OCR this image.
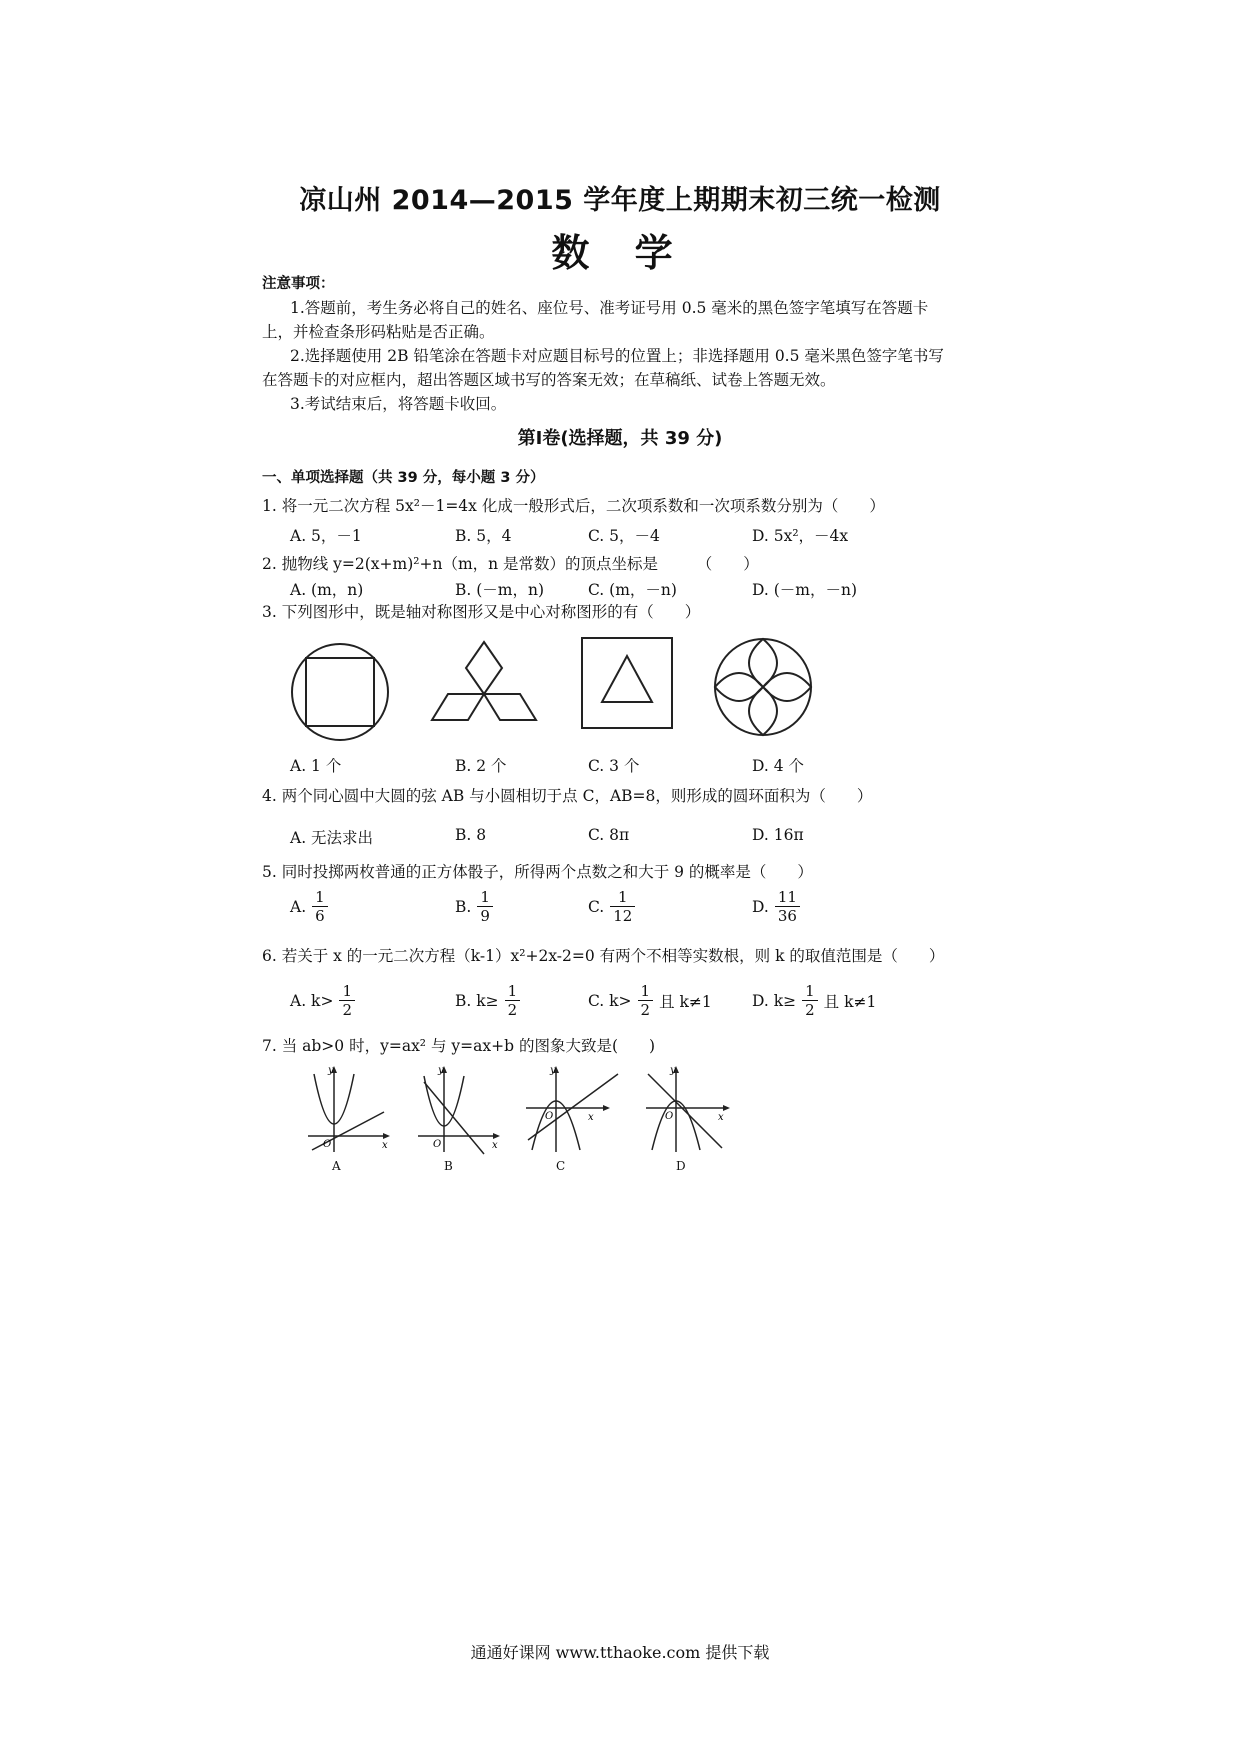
凉山州 2014—2015 学年度上期期末初三统一检测
数 学
注意事项：
1.答题前，考生务必将自己的姓名、座位号、准考证号用 0.5 毫米的黑色签字笔填写在答题卡上，并检查条形码粘贴是否正确。
2.选择题使用 2B 铅笔涂在答题卡对应题目标号的位置上；非选择题用 0.5 毫米黑色签字笔书写在答题卡的对应框内，超出答题区域书写的答案无效；在草稿纸、试卷上答题无效。
3.考试结束后，将答题卡收回。
第Ⅰ卷(选择题，共 39 分)
一、单项选择题（共 39 分，每小题 3 分）
1. 将一元二次方程 5x²－1=4x 化成一般形式后，二次项系数和一次项系数分别为（　　）
A. 5，－1	B. 5，4	C. 5，－4	D. 5x²，－4x
2. 抛物线 y=2(x+m)²+n（m，n 是常数）的顶点坐标是　　　（　　）
A. (m，n)	B. (－m，n)	C. (m，－n)	D. (－m，－n)
3. 下列图形中，既是轴对称图形又是中心对称图形的有（　　）
A. 1 个	B. 2 个	C. 3 个	D. 4 个
4. 两个同心圆中大圆的弦 AB 与小圆相切于点 C，AB=8，则形成的圆环面积为（　　）
A. 无法求出	B. 8	C. 8π	D. 16π
5. 同时投掷两枚普通的正方体骰子，所得两个点数之和大于 9 的概率是（　　）
A. $\frac{1}{6}$	B. $\frac{1}{9}$	C. $\frac{1}{12}$	D. $\frac{11}{36}$
6. 若关于 x 的一元二次方程（k-1）x²+2x-2=0 有两个不相等实数根，则 k 的取值范围是（　　）
A. $k> \frac{1}{2}$	B. $k\ge \frac{1}{2}$	C. $k> \frac{1}{2}$ 且 k≠1	D. $k\ge \frac{1}{2}$ 且 k≠1
7. 当 ab>0 时，y=ax² 与 y=ax+b 的图象大致是(　　)
y
x
O
A
y
x
O
B
y
x
O
C
y
x
O
D
通通好课网 www.tthaoke.com 提供下载
